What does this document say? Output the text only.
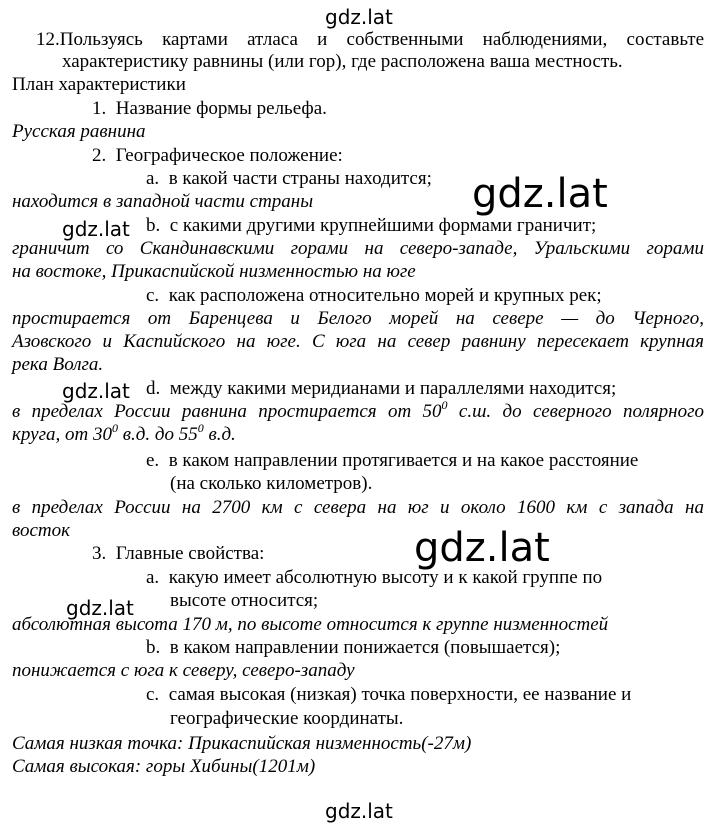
gdz.lat
gdz.lat
gdz.lat
gdz.lat
gdz.lat
gdz.lat
gdz.lat
12.Пользуясь картами атласа и собственными наблюдениями, составьте
характеристику равнины (или гор), где расположена ваша местность.
План характеристики
1. Название формы рельефа.
Русская равнина
2. Географическое положение:
a. в какой части страны находится;
находится в западной части страны
b. с какими другими крупнейшими формами граничит;
граничит со Скандинавскими горами на северо-западе, Уральскими горами
на востоке, Прикаспийской низменностью на юге
c. как расположена относительно морей и крупных рек;
простирается от Баренцева и Белого морей на севере — до Черного,
Азовского и Каспийского на юге. С юга на север равнину пересекает крупная
река Волга.
d. между какими меридианами и параллелями находится;
в пределах России равнина простирается от $50^0$ с.ш. до северного полярного
круга, от $30^0$ в.д. до $55^0$ в.д.
e. в каком направлении протягивается и на какое расстояние
(на сколько километров).
в пределах России на 2700 км с севера на юг и около 1600 км с запада на
восток
3. Главные свойства:
a. какую имеет абсолютную высоту и к какой группе по
высоте относится;
абсолютная высота 170 м, по высоте относится к группе низменностей
b. в каком направлении понижается (повышается);
понижается с юга к северу, северо-западу
c. самая высокая (низкая) точка поверхности, ее название и
географические координаты.
Самая низкая точка: Прикаспийская низменность(-27м)
Самая высокая: горы Хибины(1201м)
